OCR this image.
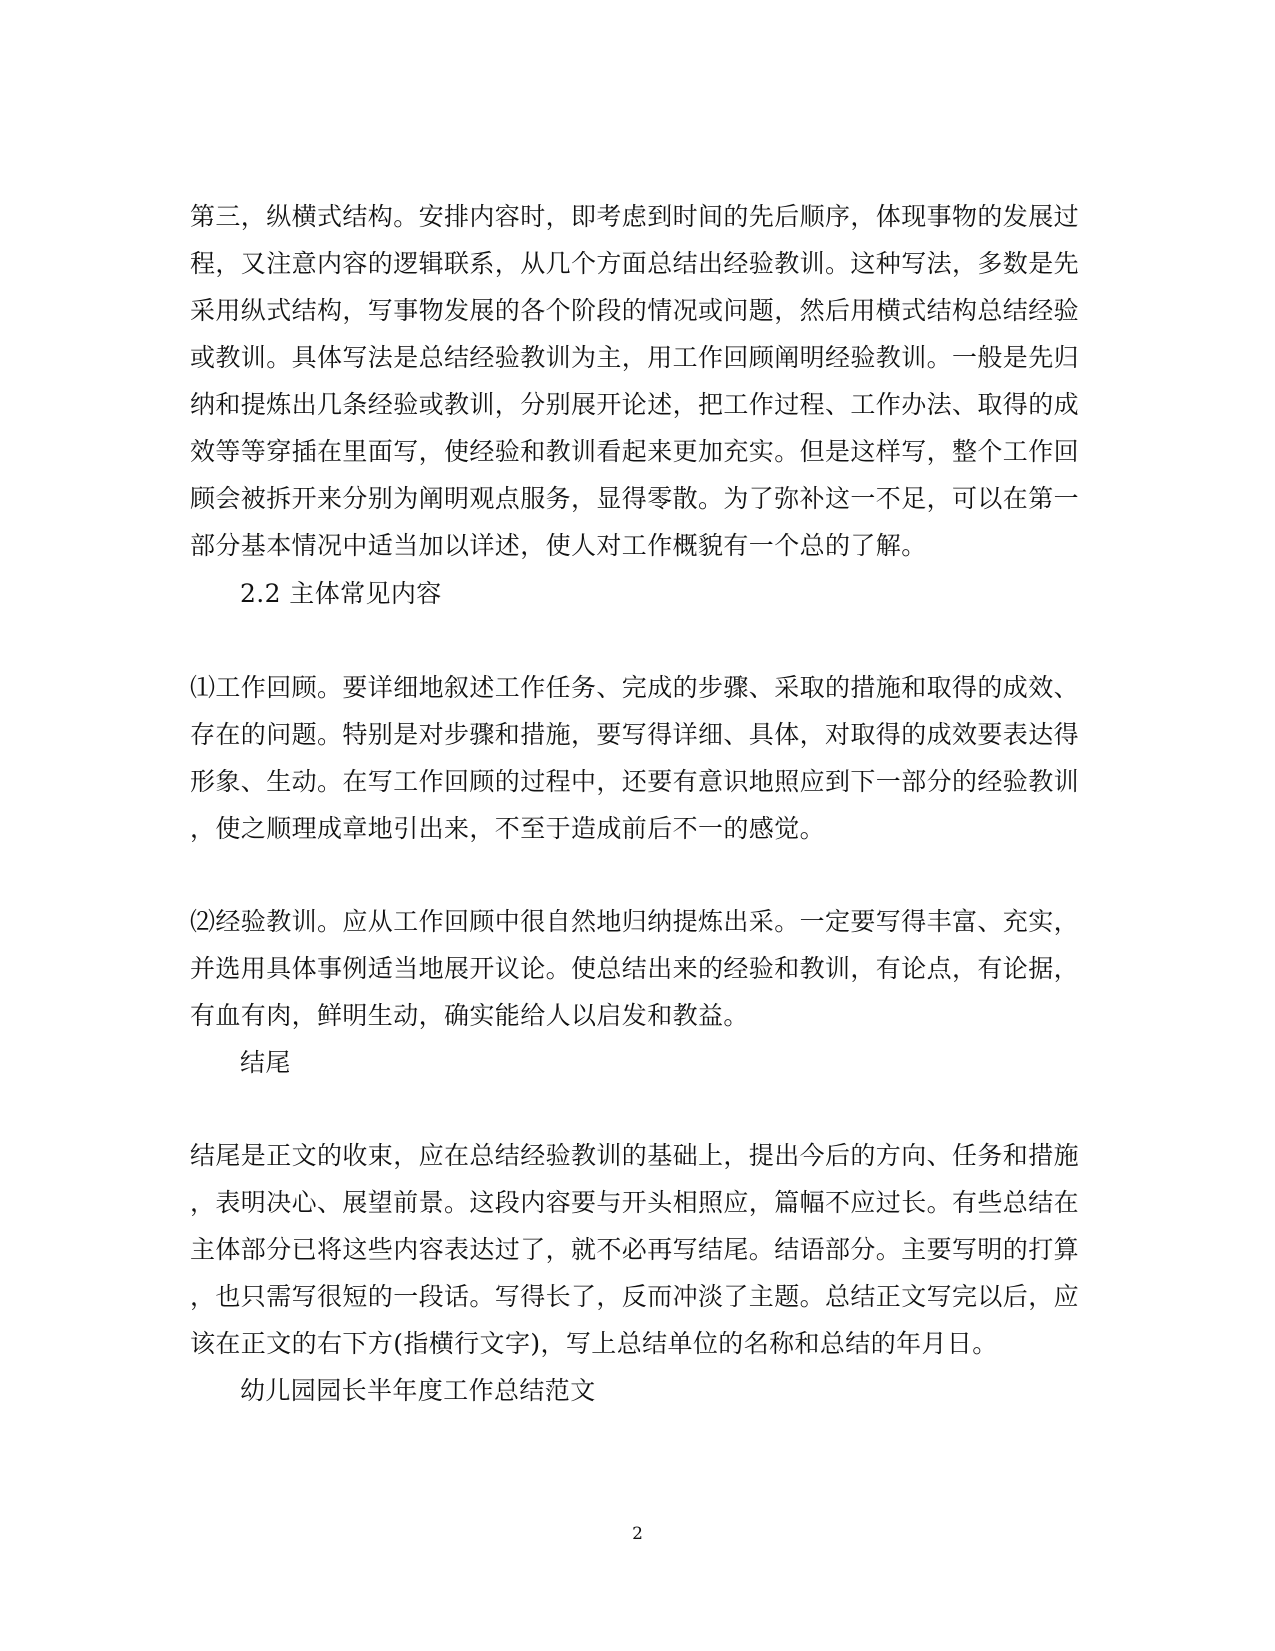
第三，纵横式结构。安排内容时，即考虑到时间的先后顺序，体现事物的发展过
程，又注意内容的逻辑联系，从几个方面总结出经验教训。这种写法，多数是先
采用纵式结构，写事物发展的各个阶段的情况或问题，然后用横式结构总结经验
或教训。具体写法是总结经验教训为主，用工作回顾阐明经验教训。一般是先归
纳和提炼出几条经验或教训，分别展开论述，把工作过程、工作办法、取得的成
效等等穿插在里面写，使经验和教训看起来更加充实。但是这样写，整个工作回
顾会被拆开来分别为阐明观点服务，显得零散。为了弥补这一不足，可以在第一
部分基本情况中适当加以详述，使人对工作概貌有一个总的了解。
2.2 主体常见内容
⑴工作回顾。要详细地叙述工作任务、完成的步骤、采取的措施和取得的成效、
存在的问题。特别是对步骤和措施，要写得详细、具体，对取得的成效要表达得
形象、生动。在写工作回顾的过程中，还要有意识地照应到下一部分的经验教训
，使之顺理成章地引出来，不至于造成前后不一的感觉。
⑵经验教训。应从工作回顾中很自然地归纳提炼出采。一定要写得丰富、充实，
并选用具体事例适当地展开议论。使总结出来的经验和教训，有论点，有论据，
有血有肉，鲜明生动，确实能给人以启发和教益。
结尾
结尾是正文的收束，应在总结经验教训的基础上，提出今后的方向、任务和措施
，表明决心、展望前景。这段内容要与开头相照应，篇幅不应过长。有些总结在
主体部分已将这些内容表达过了，就不必再写结尾。结语部分。主要写明的打算
，也只需写很短的一段话。写得长了，反而冲淡了主题。总结正文写完以后，应
该在正文的右下方(指横行文字)，写上总结单位的名称和总结的年月日。
幼儿园园长半年度工作总结范文
2
